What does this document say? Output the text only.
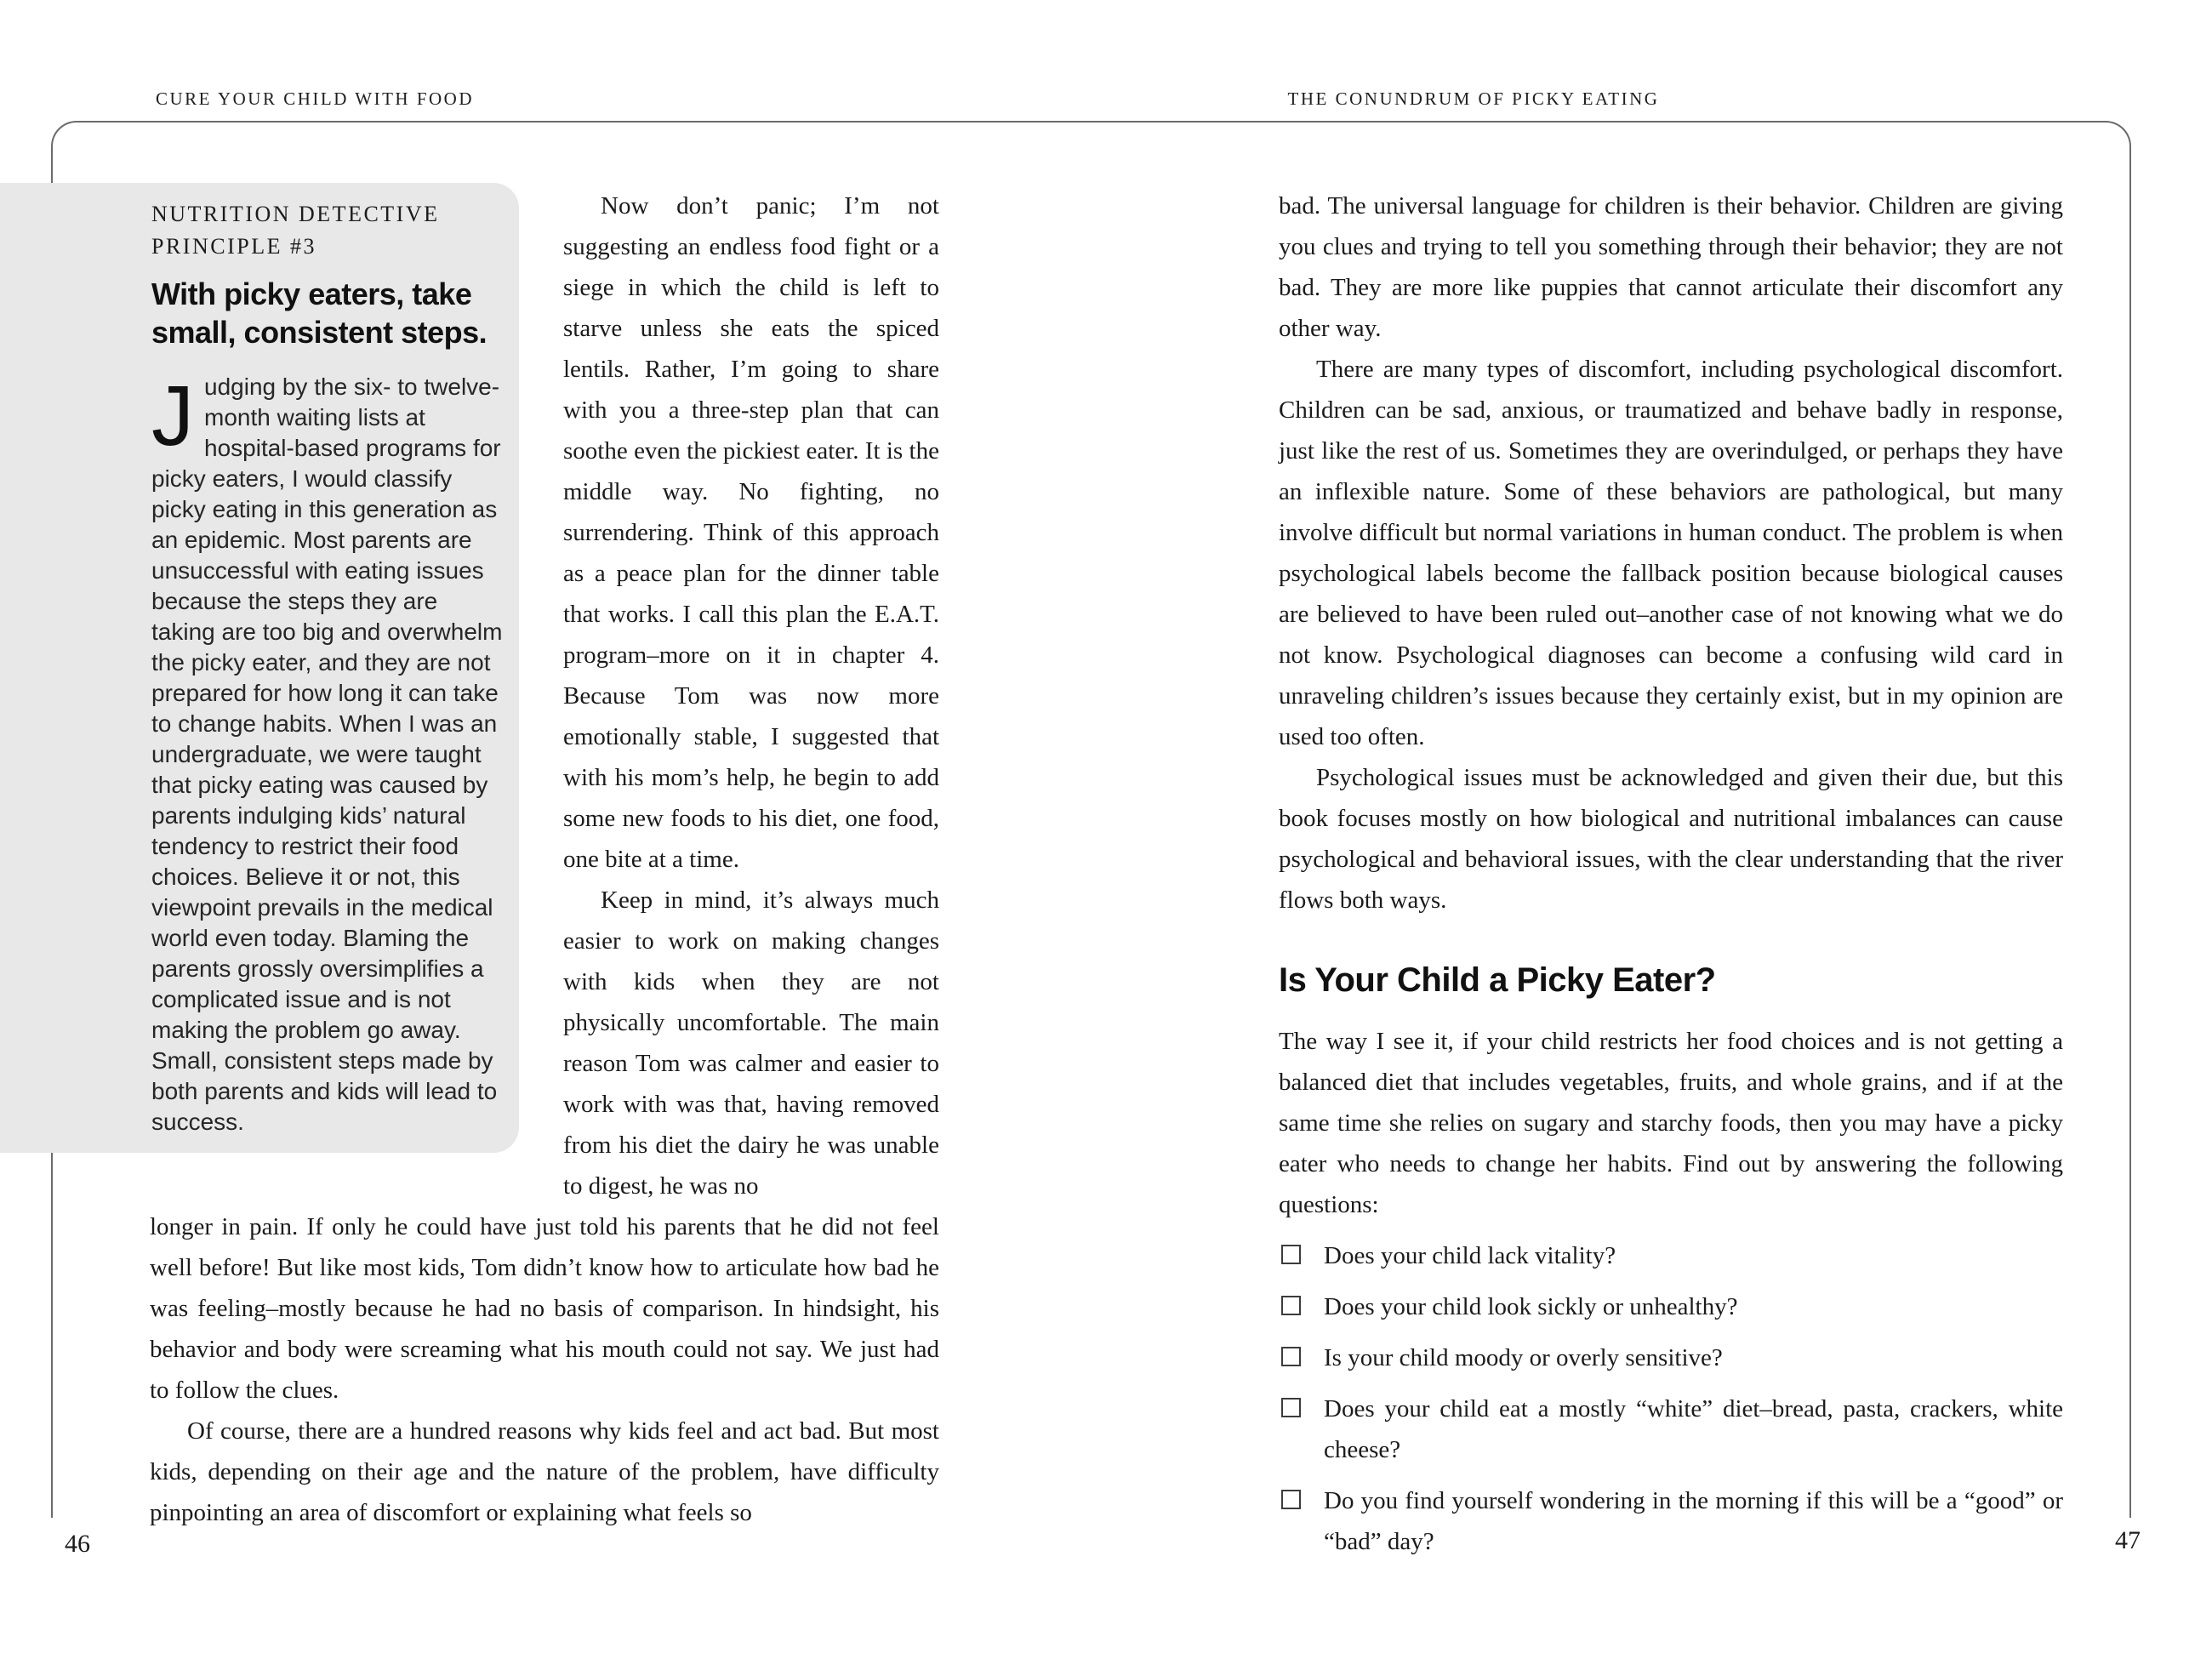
CURE YOUR CHILD WITH FOOD	THE CONUNDRUM OF PICKY EATING
NUTRITION DETECTIVE
PRINCIPLE #3
With picky eaters, take
small, consistent steps.
Judging by the six- to twelve-month waiting lists at hospital-based programs for picky eaters, I would classify picky eating in this generation as an epidemic. Most parents are unsuccessful with eating issues because the steps they are taking are too big and overwhelm the picky eater, and they are not prepared for how long it can take to change habits. When I was an undergraduate, we were taught that picky eating was caused by parents indulging kids’ natural tendency to restrict their food choices. Believe it or not, this viewpoint prevails in the medical world even today. Blaming the parents grossly oversimplifies a complicated issue and is not making the problem go away. Small, consistent steps made by both parents and kids will lead to success.

Now don’t panic; I’m not suggesting an endless food fight or a siege in which the child is left to starve unless she eats the spiced lentils. Rather, I’m going to share with you a three-step plan that can soothe even the pickiest eater. It is the middle way. No fighting, no surrendering. Think of this approach as a peace plan for the dinner table that works. I call this plan the E.A.T. program–more on it in chapter 4. Because Tom was now more emotionally stable, I suggested that with his mom’s help, he begin to add some new foods to his diet, one food, one bite at a time.

Keep in mind, it’s always much easier to work on making changes with kids when they are not physically uncomfortable. The main reason Tom was calmer and easier to work with was that, having removed from his diet the dairy he was unable to digest, he was no

longer in pain. If only he could have just told his parents that he did not feel well before! But like most kids, Tom didn’t know how to articulate how bad he was feeling–mostly because he had no basis of comparison. In hindsight, his behavior and body were screaming what his mouth could not say. We just had to follow the clues.

Of course, there are a hundred reasons why kids feel and act bad. But most kids, depending on their age and the nature of the problem, have difficulty pinpointing an area of discomfort or explaining what feels so

bad. The universal language for children is their behavior. Children are giving you clues and trying to tell you something through their behavior; they are not bad. They are more like puppies that cannot articulate their discomfort any other way.

There are many types of discomfort, including psychological discomfort. Children can be sad, anxious, or traumatized and behave badly in response, just like the rest of us. Sometimes they are overindulged, or perhaps they have an inflexible nature. Some of these behaviors are pathological, but many involve difficult but normal variations in human conduct. The problem is when psychological labels become the fallback position because biological causes are believed to have been ruled out–another case of not knowing what we do not know. Psychological diagnoses can become a confusing wild card in unraveling children’s issues because they certainly exist, but in my opinion are used too often.

Psychological issues must be acknowledged and given their due, but this book focuses mostly on how biological and nutritional imbalances can cause psychological and behavioral issues, with the clear understanding that the river flows both ways.

Is Your Child a Picky Eater?

The way I see it, if your child restricts her food choices and is not getting a balanced diet that includes vegetables, fruits, and whole grains, and if at the same time she relies on sugary and starchy foods, then you may have a picky eater who needs to change her habits. Find out by answering the following questions:

Does your child lack vitality?
Does your child look sickly or unhealthy?
Is your child moody or overly sensitive?
Does your child eat a mostly “white” diet–bread, pasta, crackers, white cheese?
Do you find yourself wondering in the morning if this will be a “good” or “bad” day?
46	47
